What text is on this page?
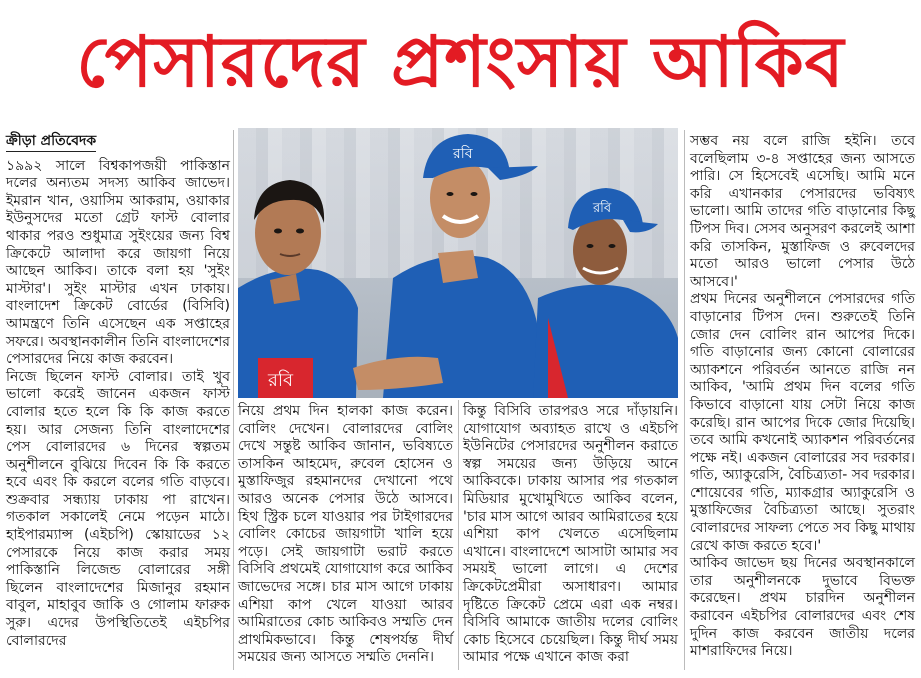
পেসারদের প্রশংসায় আকিব
ক্রীড়া প্রতিবেদক

১৯৯২ সালে বিশ্বকাপজয়ী পাকিস্তান দলের অন্যতম সদস্য আকিব জাভেদ। ইমরান খান, ওয়াসিম আকরাম, ওয়াকার ইউনুসদের মতো গ্রেট ফাস্ট বোলার থাকার পরও শুধুমাত্র সুইংয়ের জন্য বিশ্ব ক্রিকেটে আলাদা করে জায়গা নিয়ে আছেন আকিব। তাকে বলা হয় 'সুইং মাস্টার'। সুইং মাস্টার এখন ঢাকায়। বাংলাদেশ ক্রিকেট বোর্ডের (বিসিবি) আমন্ত্রণে তিনি এসেছেন এক সপ্তাহের সফরে। অবস্থানকালীন তিনি বাংলাদেশের পেসারদের নিয়ে কাজ করবেন।

নিজে ছিলেন ফাস্ট বোলার। তাই খুব ভালো করেই জানেন একজন ফাস্ট বোলার হতে হলে কি কি কাজ করতে হয়। আর সেজন্য তিনি বাংলাদেশের পেস বোলারদের ৬ দিনের স্বল্পতম অনুশীলনে বুঝিয়ে দিবেন কি কি করতে হবে এবং কি করলে বলের গতি বাড়বে। শুক্রবার সন্ধ্যায় ঢাকায় পা রাখেন। গতকাল সকালেই নেমে পড়েন মাঠে। হাইপারম্যান্স (এইচপি) স্কোয়াডের ১২ পেসারকে নিয়ে কাজ করার সময় পাকিস্তানি লিজেন্ড বোলারের সঙ্গী ছিলেন বাংলাদেশের মিজানুর রহমান বাবুল, মাহাবুব জাকি ও গোলাম ফারুক সুরু। এদের উপস্থিতিতেই এইচপির বোলারদের

রবি
রবি
রবি

নিয়ে প্রথম দিন হালকা কাজ করেন। বোলিং দেখেন। বোলারদের বোলিং দেখে সন্তুষ্ট আকিব জানান, ভবিষ্যতে তাসকিন আহমেদ, রুবেল হোসেন ও মুস্তাফিজুর রহমানদের দেখানো পথে আরও অনেক পেসার উঠে আসবে। হিথ স্ট্রিক চলে যাওয়ার পর টাইগারদের বোলিং কোচের জায়গাটা খালি হয়ে পড়ে। সেই জায়গাটা ভরাট করতে বিসিবি প্রথমেই যোগাযোগ করে আকিব জাভেদের সঙ্গে। চার মাস আগে ঢাকায় এশিয়া কাপ খেলে যাওয়া আরব আমিরাতের কোচ আকিবও সম্মতি দেন প্রাথমিকভাবে। কিন্তু শেষপর্যন্ত দীর্ঘ সময়ের জন্য আসতে সম্মতি দেননি।

কিন্তু বিসিবি তারপরও সরে দাঁড়ায়নি। যোগাযোগ অব্যাহত রাখে ও এইচপি ইউনিটের পেসারদের অনুশীলন করাতে স্বল্প সময়ের জন্য উড়িয়ে আনে আকিবকে। ঢাকায় আসার পর গতকাল মিডিয়ার মুখোমুখিতে আকিব বলেন, 'চার মাস আগে আরব আমিরাতের হয়ে এশিয়া কাপ খেলতে এসেছিলাম এখানে। বাংলাদেশে আসাটা আমার সব সময়ই ভালো লাগে। এ দেশের ক্রিকেটপ্রেমীরা অসাধারণ। আমার দৃষ্টিতে ক্রিকেট প্রেমে এরা এক নম্বর। বিসিবি আমাকে জাতীয় দলের বোলিং কোচ হিসেবে চেয়েছিল। কিন্তু দীর্ঘ সময় আমার পক্ষে এখানে কাজ করা

সম্ভব নয় বলে রাজি হইনি। তবে বলেছিলাম ৩-৪ সপ্তাহের জন্য আসতে পারি। সে হিসেবেই এসেছি। আমি মনে করি এখানকার পেসারদের ভবিষ্যৎ ভালো। আমি তাদের গতি বাড়ানোর কিছু টিপস দিব। সেসব অনুসরণ করলেই আশা করি তাসকিন, মুস্তাফিজ ও রুবেলদের মতো আরও ভালো পেসার উঠে আসবে।'

প্রথম দিনের অনুশীলনে পেসারদের গতি বাড়ানোর টিপস দেন। শুরুতেই তিনি জোর দেন বোলিং রান আপের দিকে। গতি বাড়ানোর জন্য কোনো বোলারের অ্যাকশনে পরিবর্তন আনতে রাজি নন আকিব, 'আমি প্রথম দিন বলের গতি কিভাবে বাড়ানো যায় সেটা নিয়ে কাজ করেছি। রান আপের দিকে জোর দিয়েছি। তবে আমি কখনোই অ্যাকশন পরিবর্তনের পক্ষে নই। একজন বোলারের সব দরকার। গতি, অ্যাকুরেসি, বৈচিত্র্যতা- সব দরকার। শোয়েবের গতি, ম্যাকগ্রার অ্যাকুরেসি ও মুস্তাফিজের বৈচিত্র্যতা আছে। সুতরাং বোলারদের সাফল্য পেতে সব কিছু মাথায় রেখে কাজ করতে হবে।'

আকিব জাভেদ ছয় দিনের অবস্থানকালে তার অনুশীলনকে দুভাবে বিভক্ত করেছেন। প্রথম চারদিন অনুশীলন করাবেন এইচপির বোলারদের এবং শেষ দুদিন কাজ করবেন জাতীয় দলের মাশরাফিদের নিয়ে।
